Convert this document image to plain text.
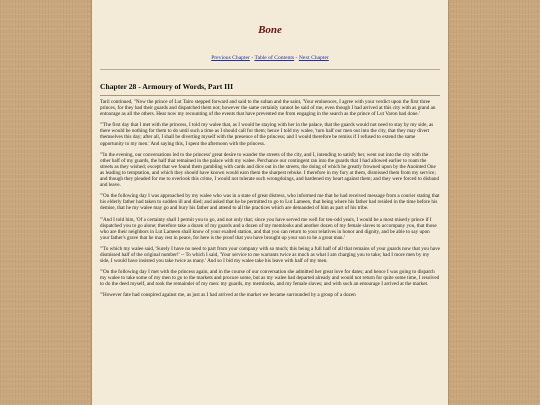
Bone
Previous Chapter - Table of Contents - Next Chapter
Chapter 28 - Armoury of Words, Part III

Taril continued, "Now the prince of Lut Tairo stepped forward and said to the sultan and the saint, 'Your eminences, I agree with your verdict upon the first three princes, for they had their guards and dispatched them not; however the same certainly cannot be said of me, even though I had arrived at this city with as grand an entourage as all the others. Hear now my recounting of the events that have prevented me from engaging in the search as the prince of Lut Varon had done.'

"'The first day that I met with the princess, I told my walee that, as I would be staying with her in the palace, that the guards would not need to stay by my side, as there would be nothing for them to do until such a time as I should call for them; hence I told my walee, 'turn half our men out into the city, that they may divert themselves this day; after all, I shall be diverting myself with the presence of the princess; and I would therefore be remiss if I refused to extend the same opportunity to my men.' And saying this, I spent the afternoon with the princess.

"'In the evening, our conversations led to the princess' great desire to wander the streets of the city, and I, intending to satisfy her, went out into the city with the other half of my guards, the half that remained in the palace with my walee. Perchance our contingent ran into the guards that I had allowed earlier to roam the streets as they wished; except that we found them gambling with cards and dice out in the streets, the doing of which be greatly frowned upon by the Anointed One as leading to temptation, and which they should have known would earn them the sharpest rebuke. I therefore in my fury at them, dismissed them from my service; and though they pleaded for me to overlook this crime, I would not tolerate such wrongdoings, and hardened my heart against them; and they were forced to disband and leave.

"'On the following day I was approached by my walee who was in a state of great distress, who informed me that he had received message from a courier stating that his elderly father had taken to sudden ill and died; and asked that he be permitted to go to Lut Lameen, that being where his father had resided in the time before his demise, that he my walee may go and bury his father and attend to all the practices which are demanded of him as part of his tribe.

"'And I told him, 'Of a certainty shall I permit you to go, and not only that; since you have served me well for ten-odd years, I would be a most miserly prince if I dispatched you to go alone; therefore take a dozen of my guards and a dozen of my memlooks and another dozen of my female slaves to accompany you, that those who are their neighbors in Lut Lameen shall know of your exalted station, and that you can return to your relatives in honor and dignity, and be able to say upon your father's grave that he may rest in peace, for here is the proof that you have brought up your son to be a great man.'

"'To which my walee said, 'Surely I have no need to part from your company with so much; this being a full half of all that remains of your guards now that you have dismissed half of the original number!' -- To which I said, 'Your service to me warrants twice as much as what I am charging you to take; had I more men by my side, I would have insisted you take twice as many.' And so I bid my walee take his leave with half of my men.

"'On the following day I met with the princess again, and in the course of our conversation she admitted her great love for dates; and hence I was going to dispatch my walee to take some of my men to go to the markets and procure some, but as my walee had departed already and would not return for quite some time, I resolved to do the deed myself, and took the remainder of my men: my guards, my memlooks, and my female slaves; and with such an entourage I arrived at the market.

"'However fate had conspired against me, as just as I had arrived at the market we became surrounded by a group of a dozen
